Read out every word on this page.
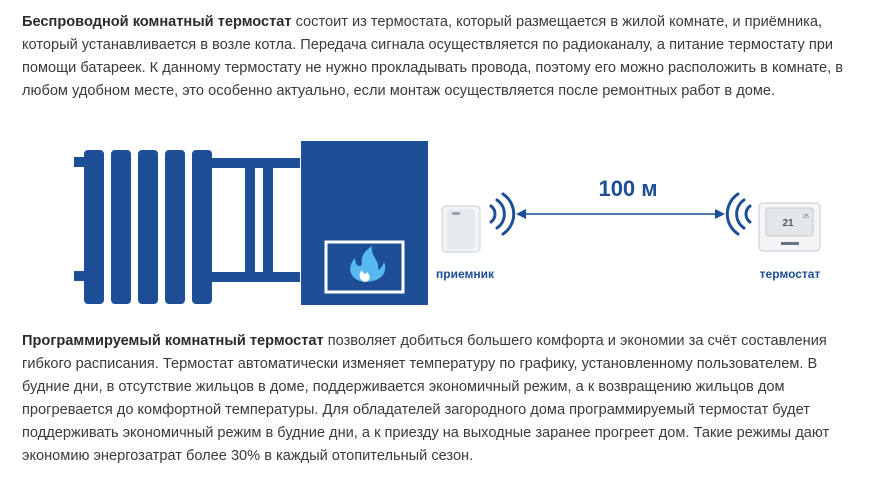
Беспроводной комнатный термостат состоит из термостата, который размещается в жилой комнате, и приёмника, который устанавливается в возле котла. Передача сигнала осуществляется по радиоканалу, а питание термостату при помощи батареек. К данному термостату не нужно прокладывать провода, поэтому его можно расположить в комнате, в любом удобном месте, это особенно актуально, если монтаж осуществляется после ремонтных работ в доме.

приемник
100 м
21
25
термостат

Программируемый комнатный термостат позволяет добиться большего комфорта и экономии за счёт составления гибкого расписания. Термостат автоматически изменяет температуру по графику, установленному пользователем. В будние дни, в отсутствие жильцов в доме, поддерживается экономичный режим, а к возвращению жильцов дом прогревается до комфортной температуры. Для обладателей загородного дома программируемый термостат будет поддерживать экономичный режим в будние дни, а к приезду на выходные заранее прогреет дом. Такие режимы дают экономию энергозатрат более 30% в каждый отопительный сезон.
